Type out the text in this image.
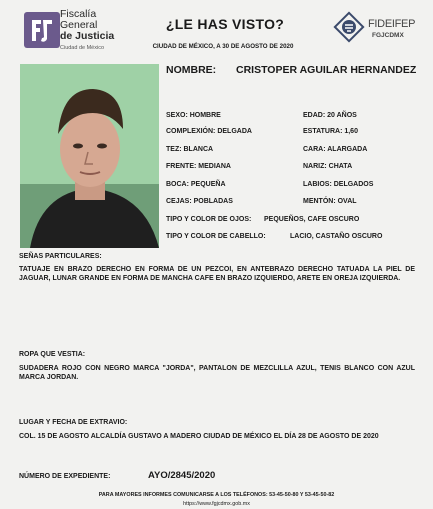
Fiscalía
General
de Justicia
Ciudad de México
¿LE HAS VISTO?
CIUDAD DE MÉXICO, A 30 DE AGOSTO DE 2020
FIDEIFEP
FGJCDMX
NOMBRE: CRISTOPER AGUILAR HERNANDEZ
SEXO: HOMBRE	EDAD: 20 AÑOS
COMPLEXIÓN: DELGADA	ESTATURA: 1,60
TEZ: BLANCA	CARA: ALARGADA
FRENTE: MEDIANA	NARIZ: CHATA
BOCA: PEQUEÑA	LABIOS: DELGADOS
CEJAS: POBLADAS	MENTÓN: OVAL
TIPO Y COLOR DE OJOS: PEQUEÑOS, CAFE OSCURO
TIPO Y COLOR DE CABELLO:	LACIO, CASTAÑO OSCURO
SEÑAS PARTICULARES:
TATUAJE EN BRAZO DERECHO EN FORMA DE UN PEZCOI, EN ANTEBRAZO DERECHO TATUADA LA PIEL DE JAGUAR, LUNAR GRANDE EN FORMA DE MANCHA CAFE EN BRAZO IZQUIERDO, ARETE EN OREJA IZQUIERDA.
ROPA QUE VESTIA:
SUDADERA ROJO CON NEGRO MARCA "JORDA", PANTALON DE MEZCLILLA AZUL, TENIS BLANCO CON AZUL MARCA JORDAN.
LUGAR Y FECHA DE EXTRAVIO:
COL. 15 DE AGOSTO ALCALDÍA GUSTAVO A MADERO CIUDAD DE MÉXICO EL DÍA 28 DE AGOSTO DE 2020
NÚMERO DE EXPEDIENTE:	AYO/2845/2020
PARA MAYORES INFORMES COMUNICARSE A LOS TELÉFONOS: 53-45-50-80 Y 53-45-50-82
https://www.fgjcdmx.gob.mx
